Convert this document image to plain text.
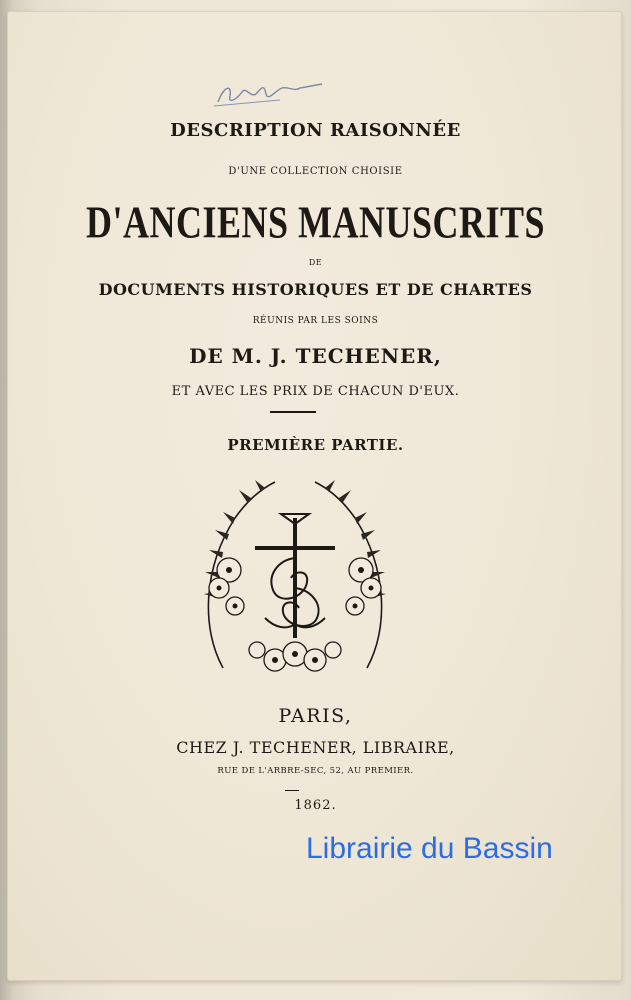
DESCRIPTION RAISONNÉE
D'UNE COLLECTION CHOISIE
D'ANCIENS MANUSCRITS
DE
DOCUMENTS HISTORIQUES ET DE CHARTES
RÉUNIS PAR LES SOINS
DE M. J. TECHENER,
ET AVEC LES PRIX DE CHACUN D'EUX.
PREMIÈRE PARTIE.
PARIS,
CHEZ J. TECHENER, LIBRAIRE,
RUE DE L'ARBRE-SEC, 52, AU PREMIER.
1862.
Librairie du Bassin
